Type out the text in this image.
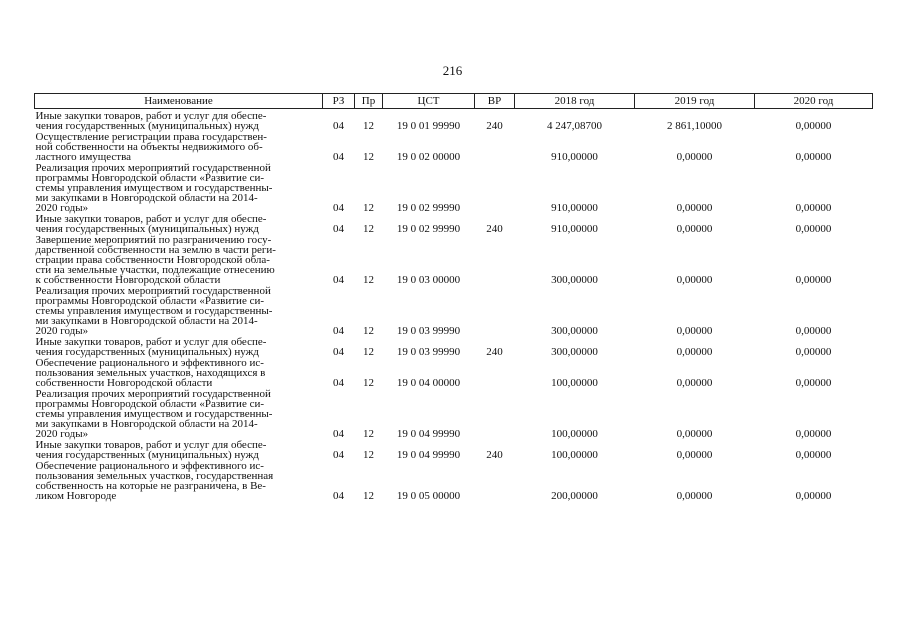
216
Наименование	РЗ	Пр	ЦСТ	ВР	2018 год	2019 год	2020 год

Иные закупки товаров, работ и услуг для обеспе-
чения государственных (муниципальных) нужд	04	12	19 0 01 99990	240	4 247,08700	2 861,10000	0,00000

Осуществление регистрации права государствен-
ной собственности на объекты недвижимого об-
ластного имущества	04	12	19 0 02 00000		910,00000	0,00000	0,00000

Реализация прочих мероприятий государственной
программы Новгородской области «Развитие си-
стемы управления имуществом и государственны-
ми закупками в Новгородской области на 2014-
2020 годы»	04	12	19 0 02 99990		910,00000	0,00000	0,00000

Иные закупки товаров, работ и услуг для обеспе-
чения государственных (муниципальных) нужд	04	12	19 0 02 99990	240	910,00000	0,00000	0,00000

Завершение мероприятий по разграничению госу-
дарственной собственности на землю в части реги-
страции права собственности Новгородской обла-
сти на земельные участки, подлежащие отнесению
к собственности Новгородской области	04	12	19 0 03 00000		300,00000	0,00000	0,00000

Реализация прочих мероприятий государственной
программы Новгородской области «Развитие си-
стемы управления имуществом и государственны-
ми закупками в Новгородской области на 2014-
2020 годы»	04	12	19 0 03 99990		300,00000	0,00000	0,00000

Иные закупки товаров, работ и услуг для обеспе-
чения государственных (муниципальных) нужд	04	12	19 0 03 99990	240	300,00000	0,00000	0,00000

Обеспечение рационального и эффективного ис-
пользования земельных участков, находящихся в
собственности Новгородской области	04	12	19 0 04 00000		100,00000	0,00000	0,00000

Реализация прочих мероприятий государственной
программы Новгородской области «Развитие си-
стемы управления имуществом и государственны-
ми закупками в Новгородской области на 2014-
2020 годы»	04	12	19 0 04 99990		100,00000	0,00000	0,00000

Иные закупки товаров, работ и услуг для обеспе-
чения государственных (муниципальных) нужд	04	12	19 0 04 99990	240	100,00000	0,00000	0,00000

Обеспечение рационального и эффективного ис-
пользования земельных участков, государственная
собственность на которые не разграничена, в Ве-
ликом Новгороде	04	12	19 0 05 00000		200,00000	0,00000	0,00000
